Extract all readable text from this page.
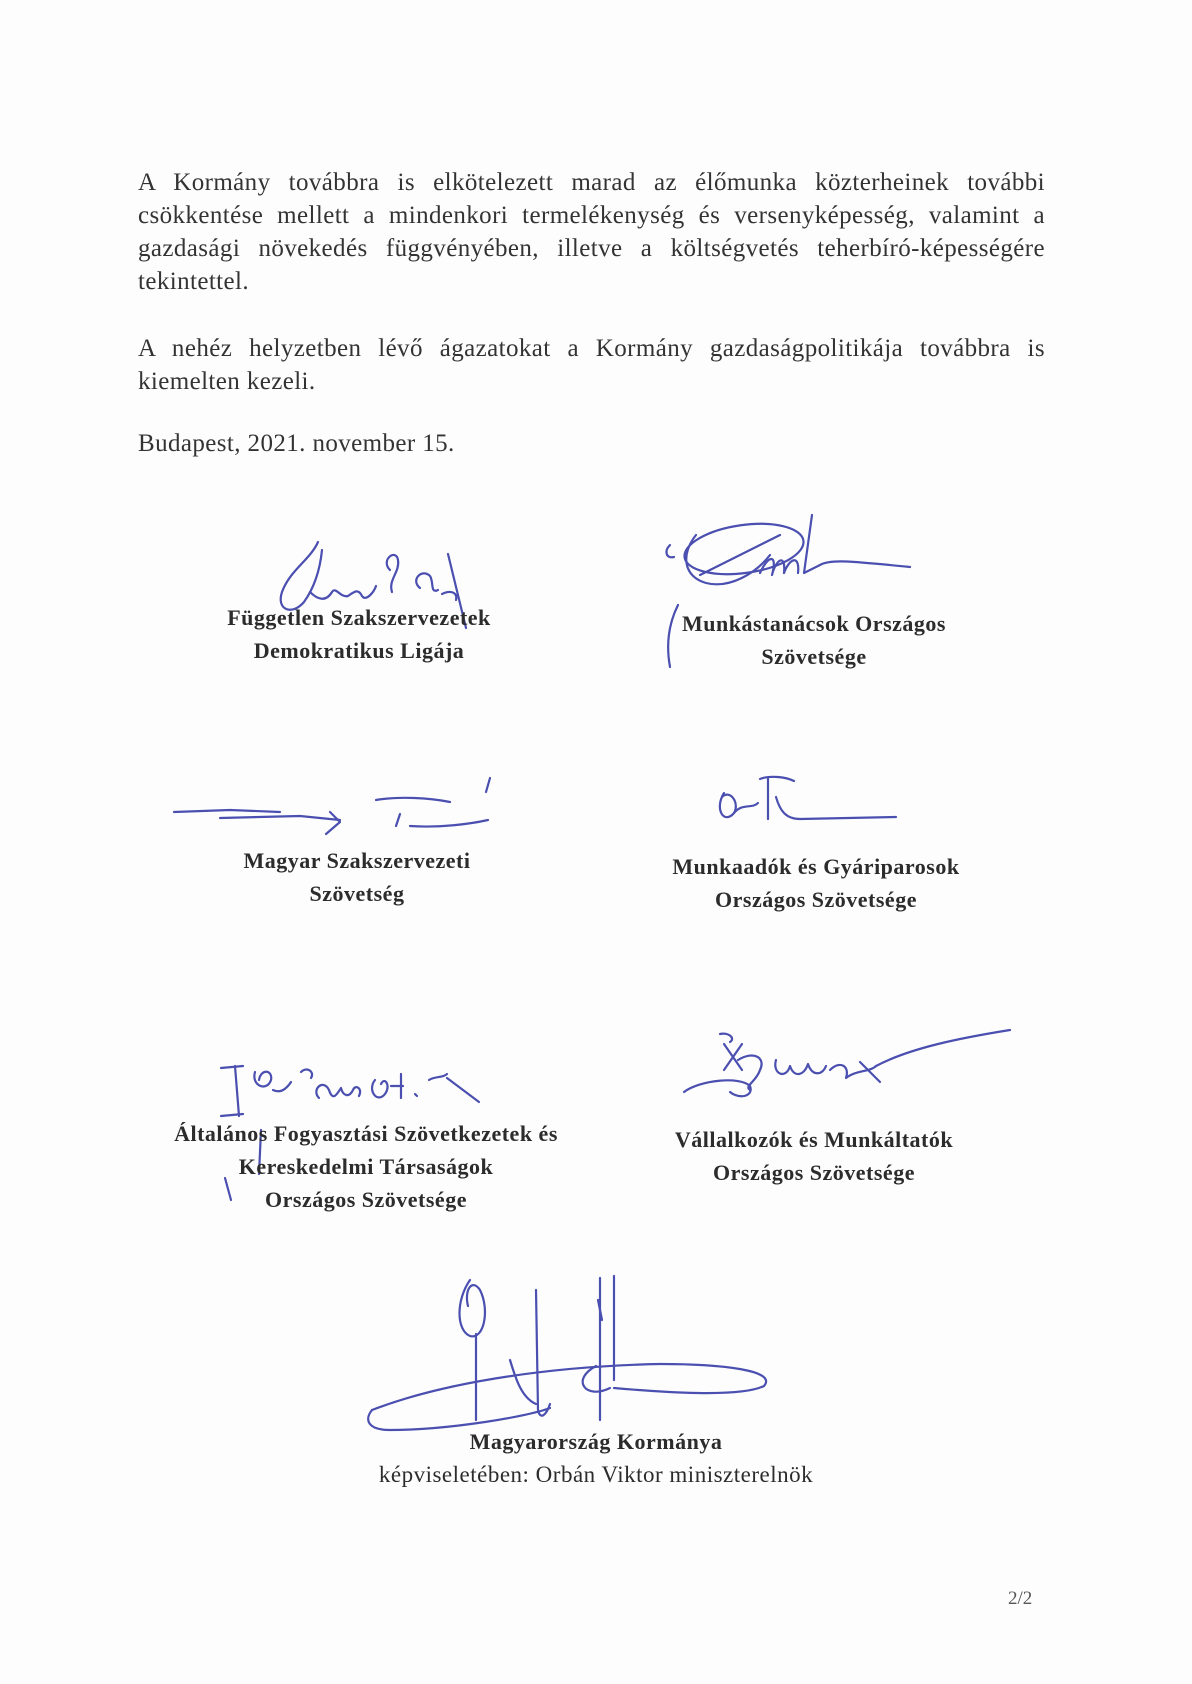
A Kormány továbbra is elkötelezett marad az élőmunka közterheinek további csökkentése mellett a mindenkori termelékenység és versenyképesség, valamint a gazdasági növekedés függvényében, illetve a költségvetés teherbíró-képességére tekintettel.

A nehéz helyzetben lévő ágazatokat a Kormány gazdaságpolitikája továbbra is kiemelten kezeli.

Budapest, 2021. november 15.

Független Szakszervezetek
Demokratikus Ligája
Munkástanácsok Országos
Szövetsége
Magyar Szakszervezeti
Szövetség
Munkaadók és Gyáriparosok
Országos Szövetsége
Általános Fogyasztási Szövetkezetek és
Kereskedelmi Társaságok
Országos Szövetsége
Vállalkozók és Munkáltatók
Országos Szövetsége
Magyarország Kormánya
képviseletében: Orbán Viktor miniszterelnök

2/2
